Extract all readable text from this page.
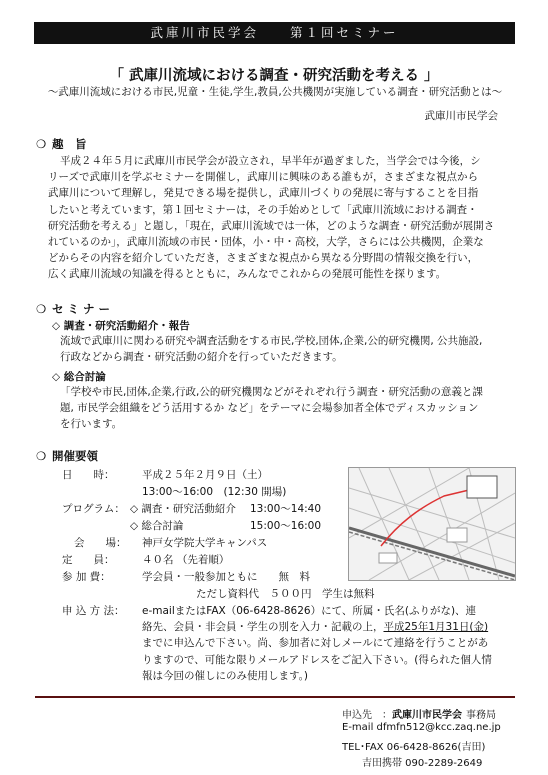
武庫川市民学会　　第１回セミナー
「 武庫川流域における調査・研究活動を考える 」
～武庫川流域における市民,児童・生徒,学生,教員,公共機関が実施している調査・研究活動とは～
武庫川市民学会
❍ 趣　旨
平成２４年５月に武庫川市民学会が設立され，早半年が過ぎました，当学会では今後，シ
リーズで武庫川を学ぶセミナーを開催し，武庫川に興味のある誰もが，さまざまな視点から
武庫川について理解し，発見できる場を提供し，武庫川づくりの発展に寄与することを目指
したいと考えています，第１回セミナーは，その手始めとして「武庫川流域における調査・
研究活動を考える」と題し，「現在，武庫川流域では一体，どのような調査・研究活動が展開さ
れているのか」，武庫川流域の市民・団体，小・中・高校，大学，さらには公共機関，企業な
どからその内容を紹介していただき，さまざまな視点から異なる分野間の情報交換を行い，
広く武庫川流域の知識を得るとともに，みんなでこれからの発展可能性を探ります。
❍ セ ミ ナ ー
◇ 調査・研究活動紹介・報告
流域で武庫川に関わる研究や調査活動をする市民,学校,団体,企業,公的研究機関, 公共施設,
行政などから調査・研究活動の紹介を行っていただきます。
◇ 総合討論
「学校や市民,団体,企業,行政,公的研究機関などがそれぞれ行う調査・研究活動の意義と課
題, 市民学会組織をどう活用するか など」をテーマに会場参加者全体でディスカッション
を行います。
❍ 開催要領
日　　時：	平成２５年２月９日（土）
13:00～16:00　(12:30 開場)
プログラム： ◇ 調査・研究活動紹介 13:00～14:40
◇ 総合討論	15:00～16:00
会　　場： 神戸女学院大学キャンパス
定　　員：	４０名 （先着順）
参 加 費：	学会員・一般参加ともに　　無　料
ただし資料代　５００円　学生は無料
申 込 方 法： e-mailまたはFAX（06-6428-8626）にて、所属・氏名(ふりがな)、連
絡先、会員・非会員・学生の別を入力・記載の上，平成25年1月31日(金)
までに申込んで下さい。尚、参加者に対しメールにて連絡を行うことがあ
りますので、可能な限りメールアドレスをご記入下さい。(得られた個人情
報は今回の催しにのみ使用します。)
申込先　：武庫川市民学会 事務局
E-mail dfmfn512@kcc.zaq.ne.jp
TEL･FAX 06-6428-8626(吉田)
吉田携帯 090-2289-2649
